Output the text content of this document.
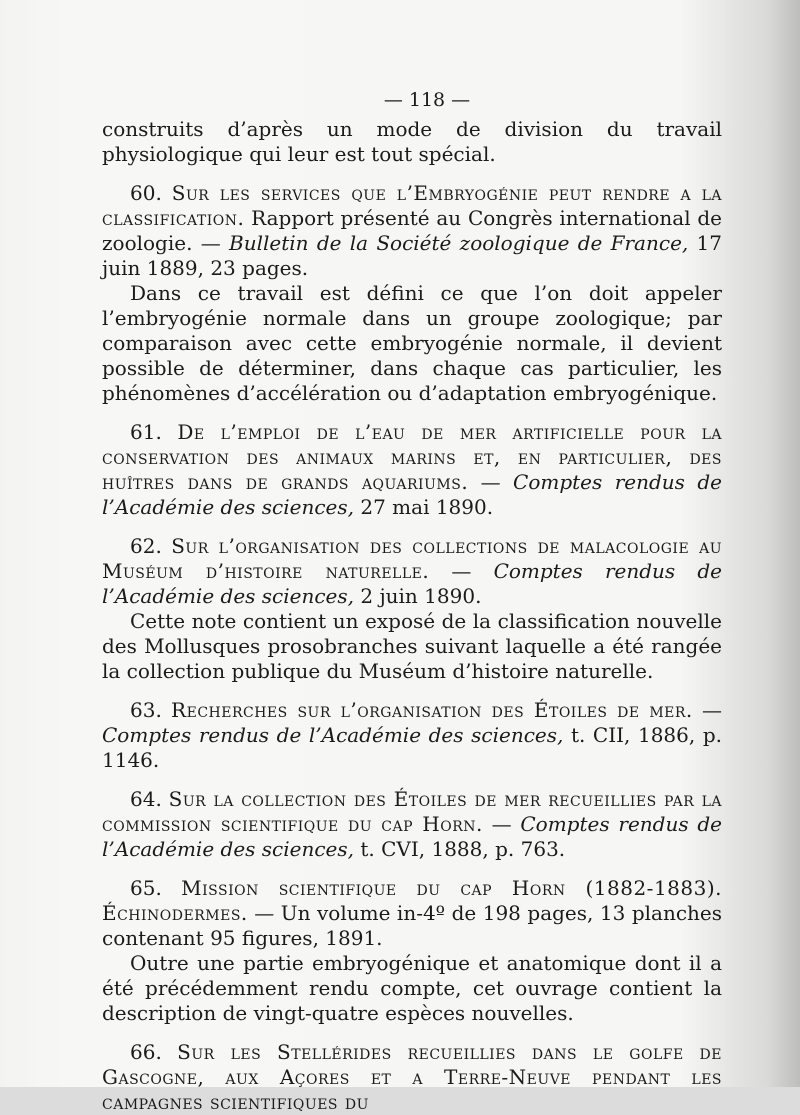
— 118 —

construits d’après un mode de division du travail physiologique qui leur est tout spécial.

60. Sur les services que l’Embryogénie peut rendre a la classification. Rapport présenté au Congrès international de zoologie. — Bulletin de la Société zoologique de France, 17 juin 1889, 23 pages.

Dans ce travail est défini ce que l’on doit appeler l’embryogénie normale dans un groupe zoologique; par comparaison avec cette embryogénie normale, il devient possible de déterminer, dans chaque cas particulier, les phénomènes d’accélération ou d’adaptation embryogénique.

61. De l’emploi de l’eau de mer artificielle pour la conservation des animaux marins et, en particulier, des huîtres dans de grands aquariums. — Comptes rendus de l’Académie des sciences, 27 mai 1890.

62. Sur l’organisation des collections de malacologie au Muséum d’histoire naturelle. — Comptes rendus de l’Académie des sciences, 2 juin 1890.

Cette note contient un exposé de la classification nouvelle des Mollusques prosobranches suivant laquelle a été rangée la collection publique du Muséum d’histoire naturelle.

63. Recherches sur l’organisation des Étoiles de mer. — Comptes rendus de l’Académie des sciences, t. CII, 1886, p. 1146.

64. Sur la collection des Étoiles de mer recueillies par la commission scientifique du cap Horn. — Comptes rendus de l’Académie des sciences, t. CVI, 1888, p. 763.

65. Mission scientifique du cap Horn (1882-1883). Échinodermes. — Un volume in-4º de 198 pages, 13 planches contenant 95 figures, 1891.

Outre une partie embryogénique et anatomique dont il a été précédemment rendu compte, cet ouvrage contient la description de vingt-quatre espèces nouvelles.

66. Sur les Stellérides recueillies dans le golfe de Gascogne, aux Açores et a Terre-Neuve pendant les campagnes scientifiques du
